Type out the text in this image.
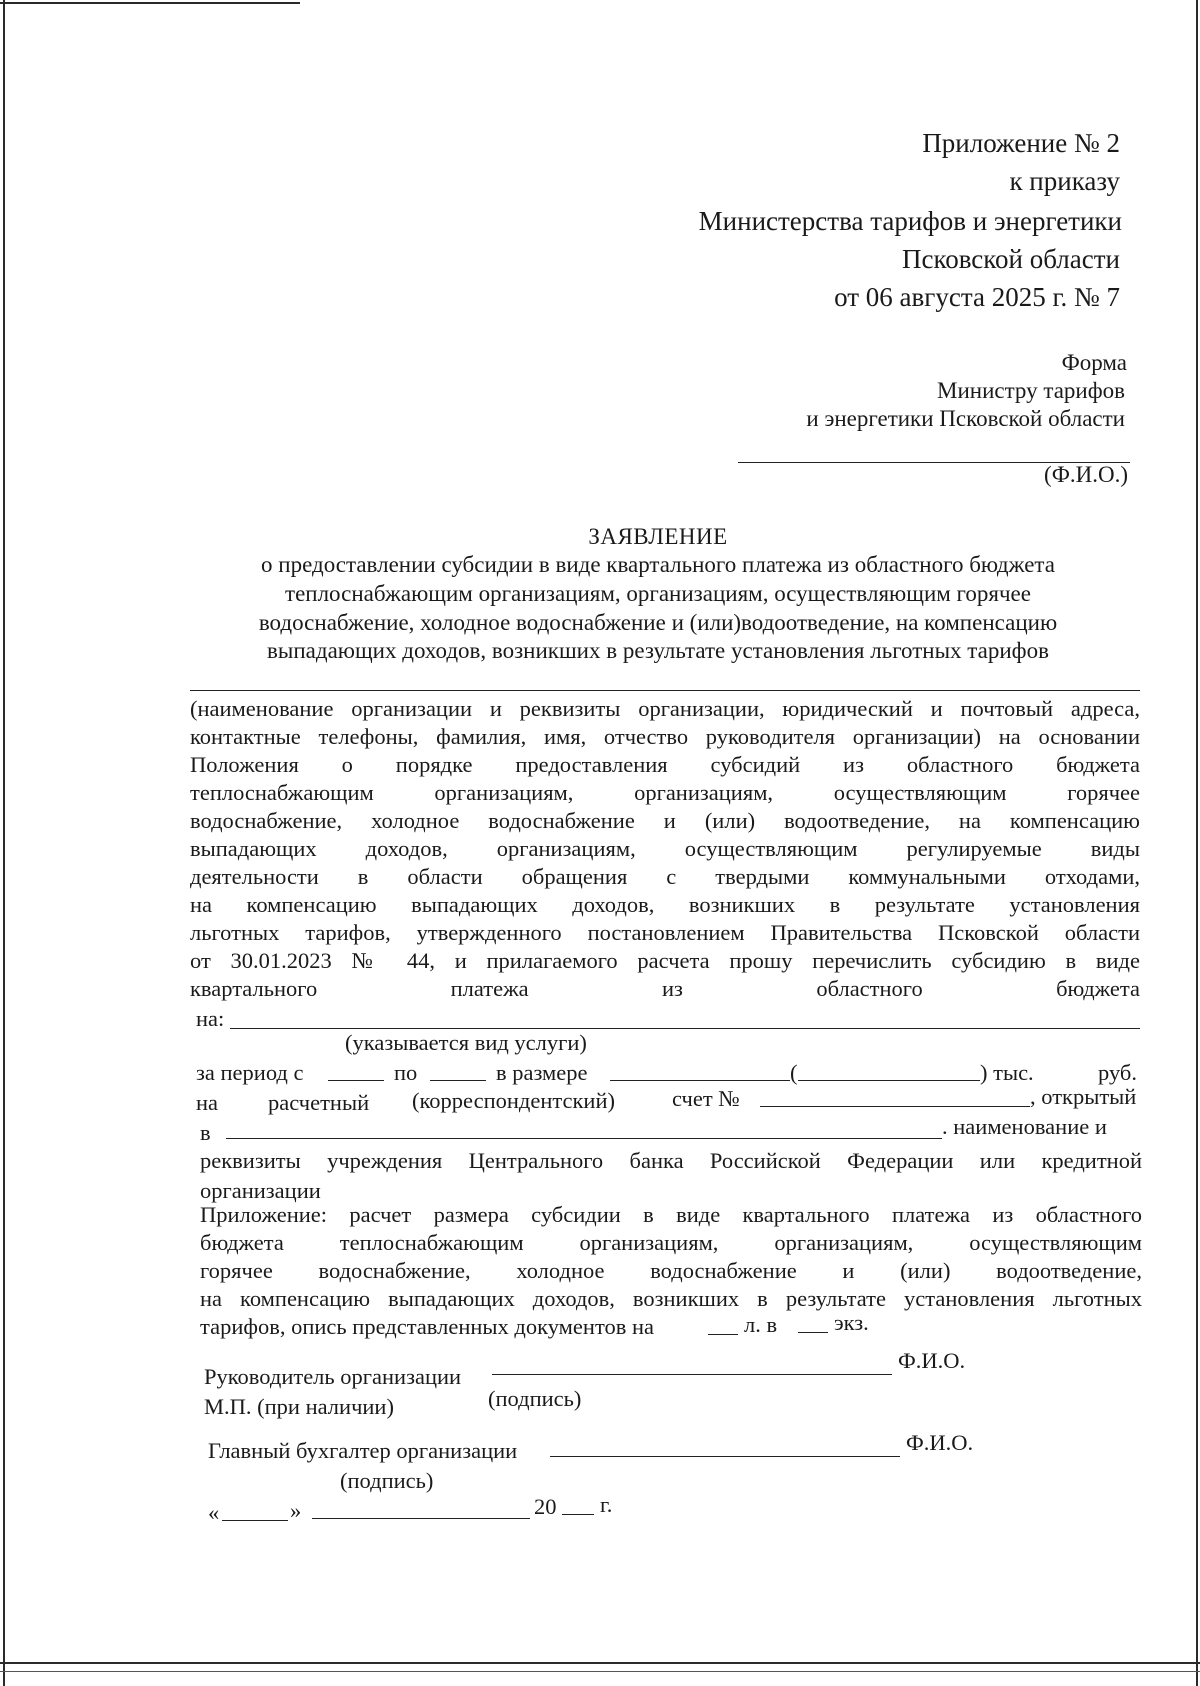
Приложение № 2
к приказу
Министерства тарифов и энергетики
Псковской области
от 06 августа 2025 г. № 7
Форма
Министру тарифов
и энергетики Псковской области
(Ф.И.О.)
ЗАЯВЛЕНИЕ
о предоставлении субсидии в виде квартального платежа из областного бюджета
теплоснабжающим организациям, организациям, осуществляющим горячее
водоснабжение, холодное водоснабжение и (или)водоотведение, на компенсацию
выпадающих доходов, возникших в результате установления льготных тарифов
(наименование организации и реквизиты организации, юридический и почтовый адреса,
контактные телефоны, фамилия, имя, отчество руководителя организации) на основании
Положения о порядке предоставления субсидий из областного бюджета
теплоснабжающим организациям, организациям, осуществляющим горячее
водоснабжение, холодное водоснабжение и (или) водоотведение, на компенсацию
выпадающих доходов, организациям, осуществляющим регулируемые виды
деятельности в области обращения с твердыми коммунальными отходами,
на компенсацию выпадающих доходов, возникших в результате установления
льготных тарифов, утвержденного постановлением Правительства Псковской области
от 30.01.2023 № 44, и прилагаемого расчета прошу перечислить субсидию в виде
квартального платежа из областного бюджета
на:
(указывается вид услуги)
за период с	по	в размере	(	) тыс.	руб.
на расчетный (корреспондентский)	счет №	, открытый
в	. наименование и
реквизиты учреждения Центрального банка Российской Федерации или кредитной
организации
Приложение: расчет размера субсидии в виде квартального платежа из областного
бюджета теплоснабжающим организациям, организациям, осуществляющим
горячее водоснабжение, холодное водоснабжение и (или) водоотведение,
на компенсацию выпадающих доходов, возникших в результате установления льготных
тарифов, опись представленных документов на	л. в	экз.
Руководитель организации
Ф.И.О.
М.П. (при наличии)	(подпись)
Главный бухгалтер организации	Ф.И.О.
(подпись)
«	»	20 г.
